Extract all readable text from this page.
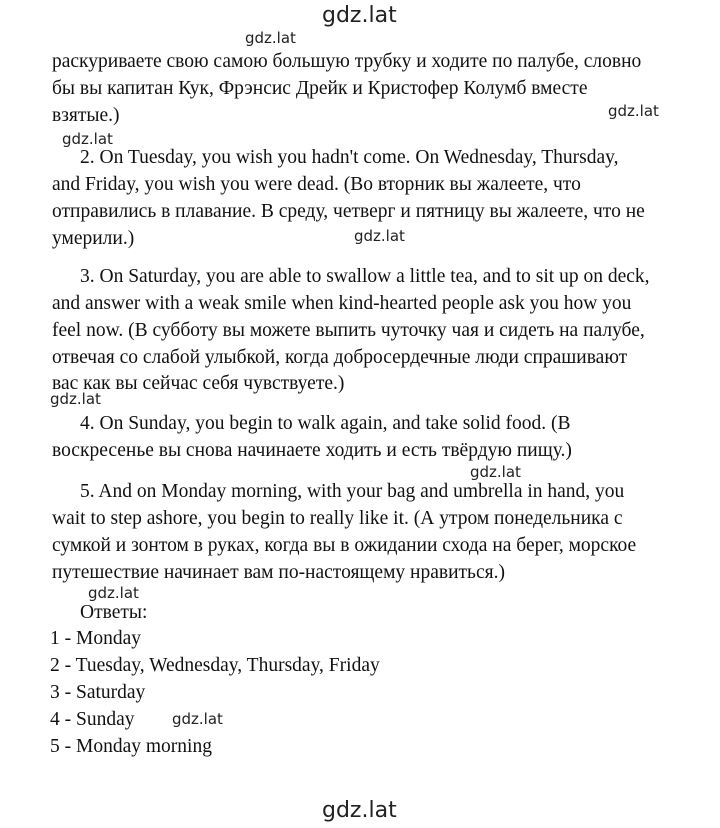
gdz.lat
gdz.lat
gdz.lat
gdz.lat
gdz.lat
gdz.lat
gdz.lat
gdz.lat
gdz.lat
gdz.lat
раскуриваете свою самою большую трубку и ходите по палубе, словно
бы вы капитан Кук, Фрэнсис Дрейк и Кристофер Колумб вместе
взятые.)
2. On Tuesday, you wish you hadn't come. On Wednesday, Thursday,
and Friday, you wish you were dead. (Во вторник вы жалеете, что
отправились в плавание. В среду, четверг и пятницу вы жалеете, что не
умерили.)
3. On Saturday, you are able to swallow a little tea, and to sit up on deck,
and answer with a weak smile when kind-hearted people ask you how you
feel now. (В субботу вы можете выпить чуточку чая и сидеть на палубе,
отвечая со слабой улыбкой, когда добросердечные люди спрашивают
вас как вы сейчас себя чувствуете.)
4. On Sunday, you begin to walk again, and take solid food. (В
воскресенье вы снова начинаете ходить и есть твёрдую пищу.)
5. And on Monday morning, with your bag and umbrella in hand, you
wait to step ashore, you begin to really like it. (А утром понедельника с
сумкой и зонтом в руках, когда вы в ожидании схода на берег, морское
путешествие начинает вам по-настоящему нравиться.)
Ответы:
1 - Monday
2 - Tuesday, Wednesday, Thursday, Friday
3 - Saturday
4 - Sunday
5 - Monday morning
